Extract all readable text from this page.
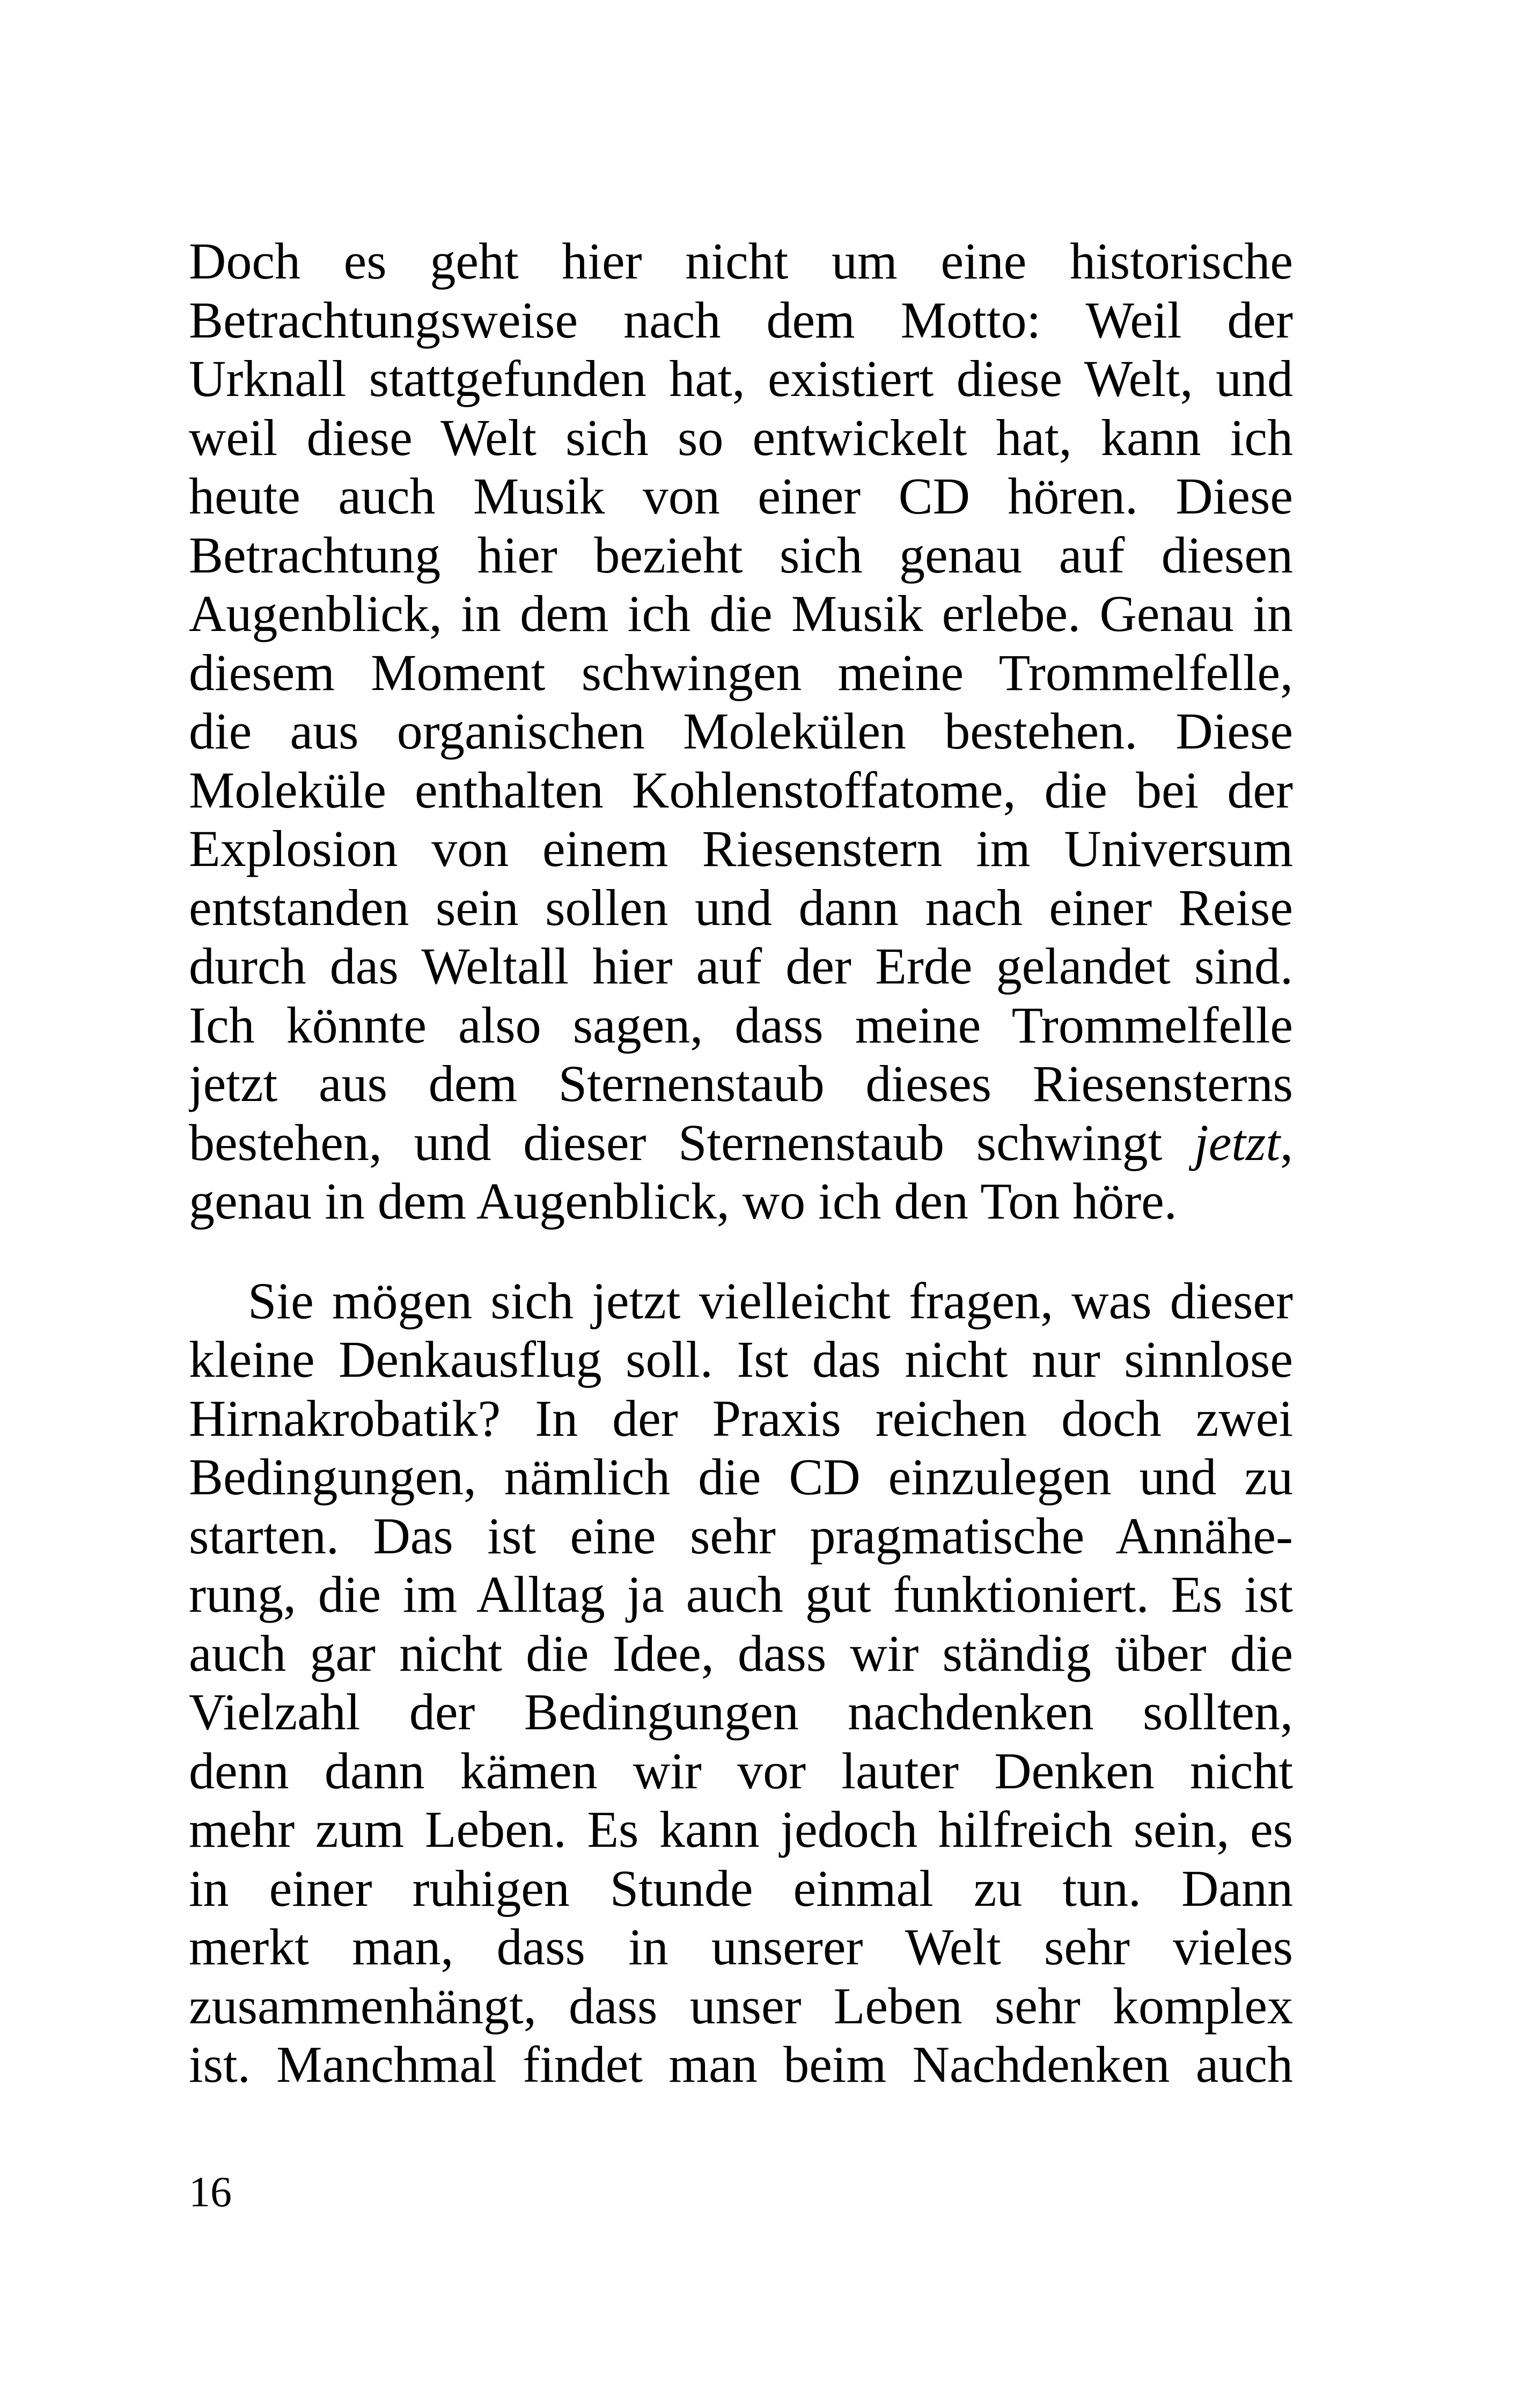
Doch es geht hier nicht um eine historische
Betrachtungsweise nach dem Motto: Weil der
Urknall stattgefunden hat, existiert diese Welt, und
weil diese Welt sich so entwickelt hat, kann ich
heute auch Musik von einer CD hören. Diese
Betrachtung hier bezieht sich genau auf diesen
Augenblick, in dem ich die Musik erlebe. Genau in
diesem Moment schwingen meine Trommelfelle,
die aus organischen Molekülen bestehen. Diese
Moleküle enthalten Kohlenstoffatome, die bei der
Explosion von einem Riesenstern im Universum
entstanden sein sollen und dann nach einer Reise
durch das Weltall hier auf der Erde gelandet sind.
Ich könnte also sagen, dass meine Trommelfelle
jetzt aus dem Sternenstaub dieses Riesensterns
bestehen, und dieser Sternenstaub schwingt jetzt,
genau in dem Augenblick, wo ich den Ton höre.
Sie mögen sich jetzt vielleicht fragen, was dieser
kleine Denkausflug soll. Ist das nicht nur sinnlose
Hirnakrobatik? In der Praxis reichen doch zwei
Bedingungen, nämlich die CD einzulegen und zu
starten. Das ist eine sehr pragmatische Annähe-
rung, die im Alltag ja auch gut funktioniert. Es ist
auch gar nicht die Idee, dass wir ständig über die
Vielzahl der Bedingungen nachdenken sollten,
denn dann kämen wir vor lauter Denken nicht
mehr zum Leben. Es kann jedoch hilfreich sein, es
in einer ruhigen Stunde einmal zu tun. Dann
merkt man, dass in unserer Welt sehr vieles
zusammenhängt, dass unser Leben sehr komplex
ist. Manchmal findet man beim Nachdenken auch
16
